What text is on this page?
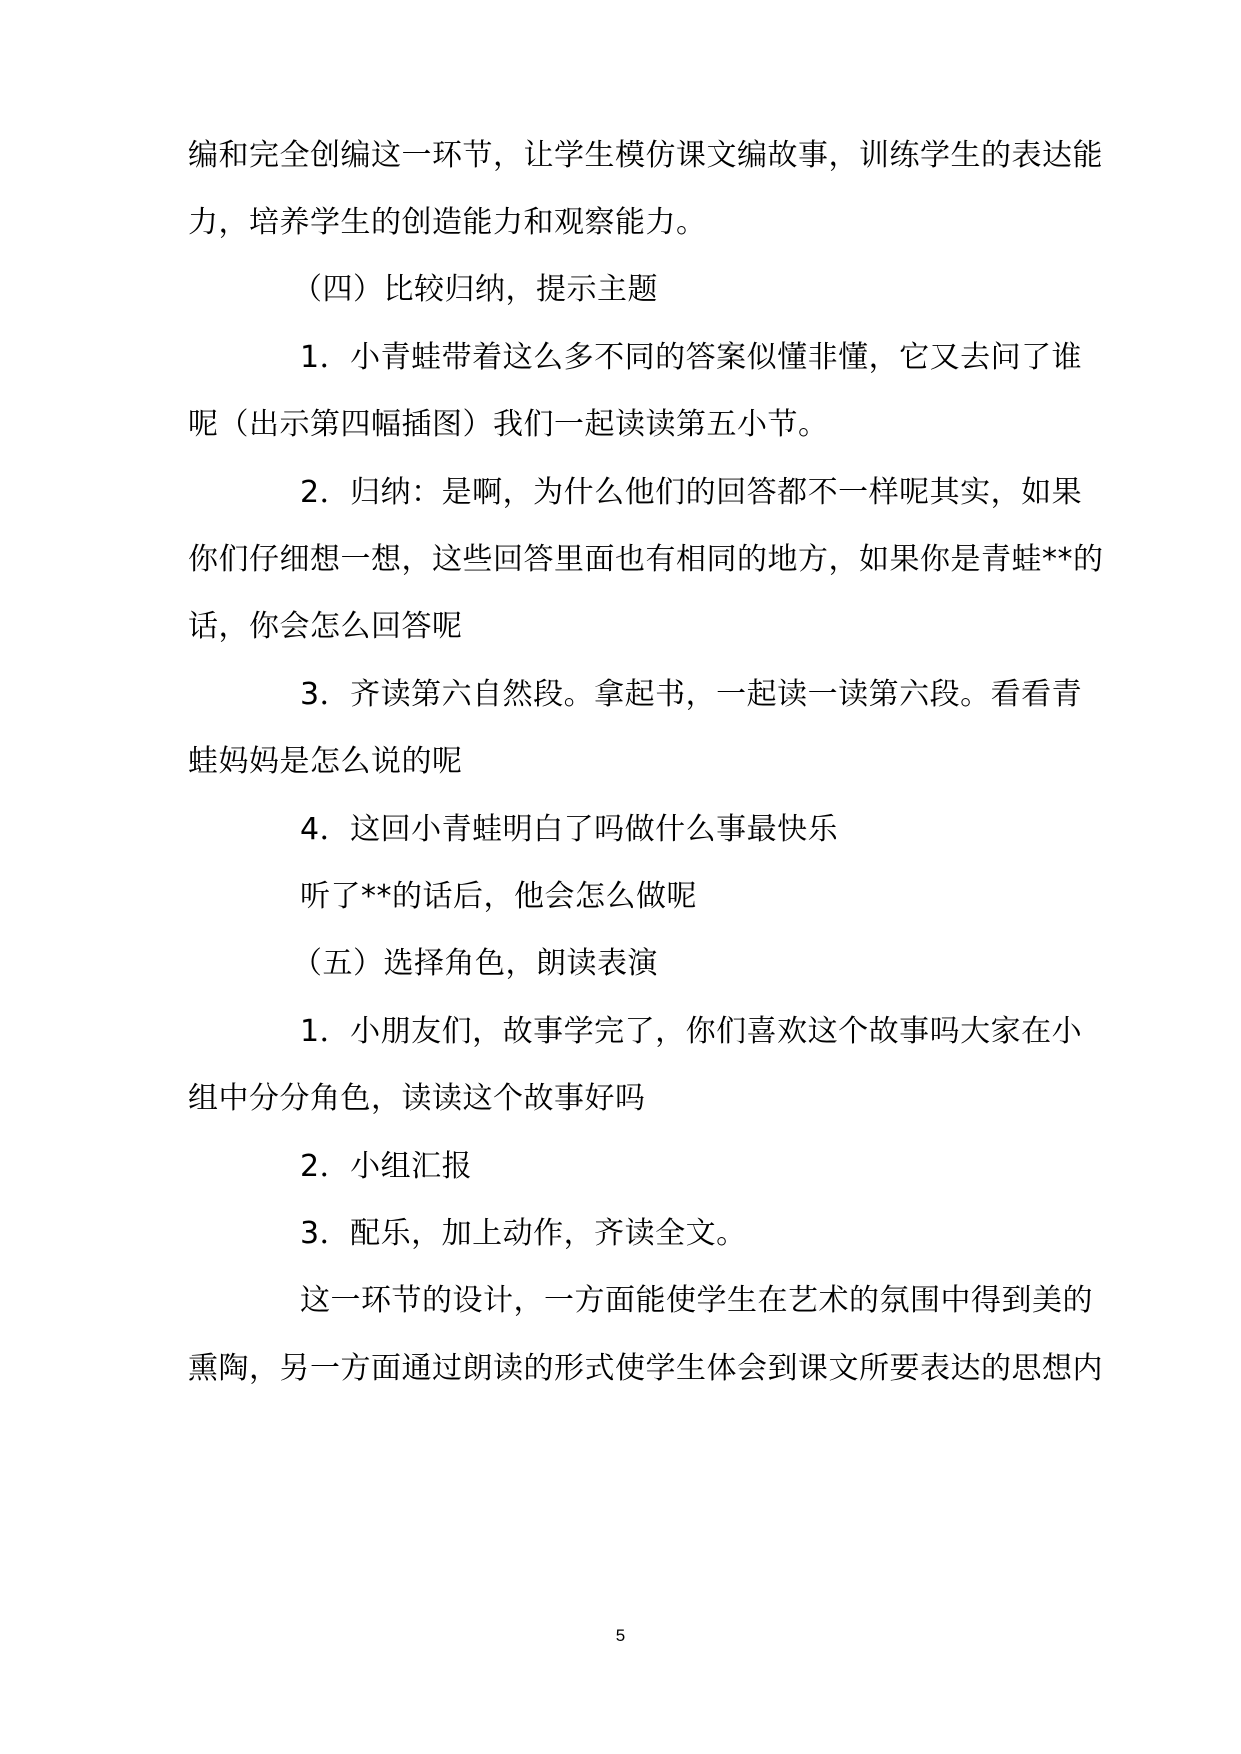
编和完全创编这一环节，让学生模仿课文编故事，训练学生的表达能

力，培养学生的创造能力和观察能力。

（四）比较归纳，提示主题

1．小青蛙带着这么多不同的答案似懂非懂，它又去问了谁

呢（出示第四幅插图）我们一起读读第五小节。

2．归纳：是啊，为什么他们的回答都不一样呢其实，如果

你们仔细想一想，这些回答里面也有相同的地方，如果你是青蛙**的

话，你会怎么回答呢

3．齐读第六自然段。拿起书，一起读一读第六段。看看青

蛙妈妈是怎么说的呢

4．这回小青蛙明白了吗做什么事最快乐

听了**的话后，他会怎么做呢

（五）选择角色，朗读表演

1．小朋友们，故事学完了，你们喜欢这个故事吗大家在小

组中分分角色，读读这个故事好吗

2．小组汇报

3．配乐，加上动作，齐读全文。

这一环节的设计，一方面能使学生在艺术的氛围中得到美的

熏陶，另一方面通过朗读的形式使学生体会到课文所要表达的思想内

5
